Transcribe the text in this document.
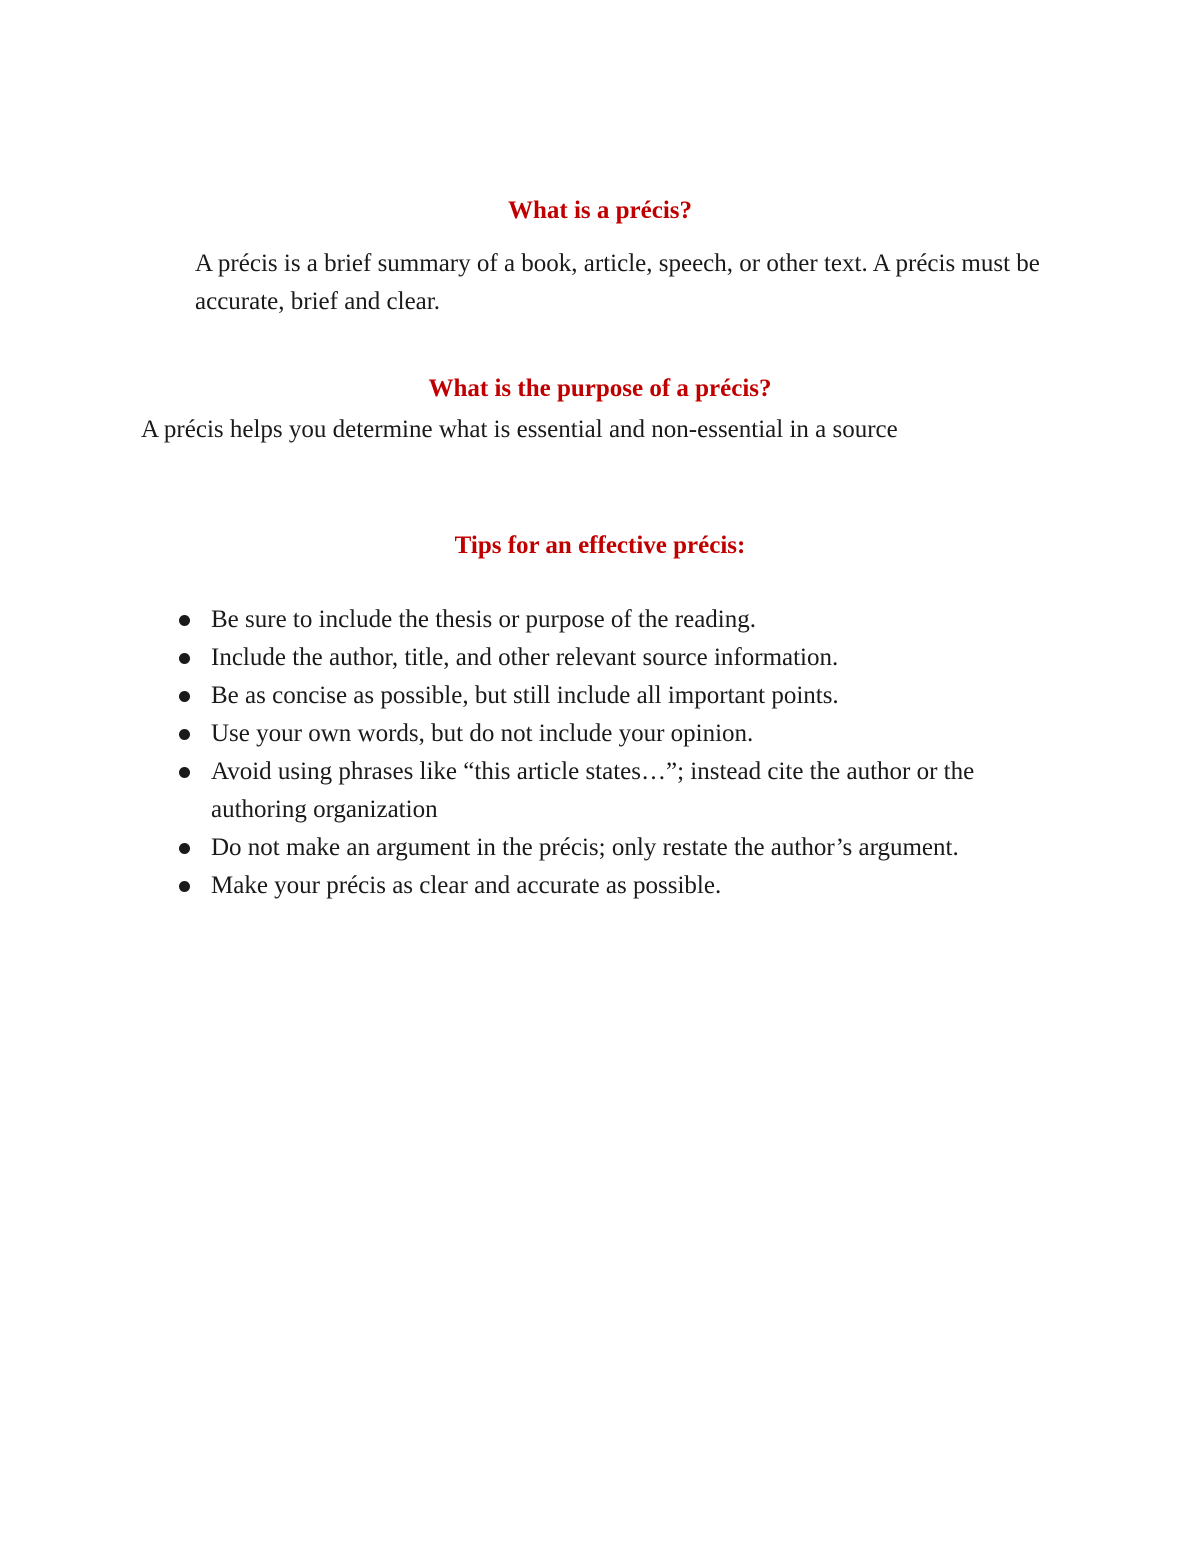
What is a précis?

A précis is a brief summary of a book, article, speech, or other text. A précis must be accurate, brief and clear.

What is the purpose of a précis?

A précis helps you determine what is essential and non-essential in a source

Tips for an effective précis:
Be sure to include the thesis or purpose of the reading.
Include the author, title, and other relevant source information.
Be as concise as possible, but still include all important points.
Use your own words, but do not include your opinion.
Avoid using phrases like “this article states…”; instead cite the author or the authoring organization
Do not make an argument in the précis; only restate the author’s argument.
Make your précis as clear and accurate as possible.
